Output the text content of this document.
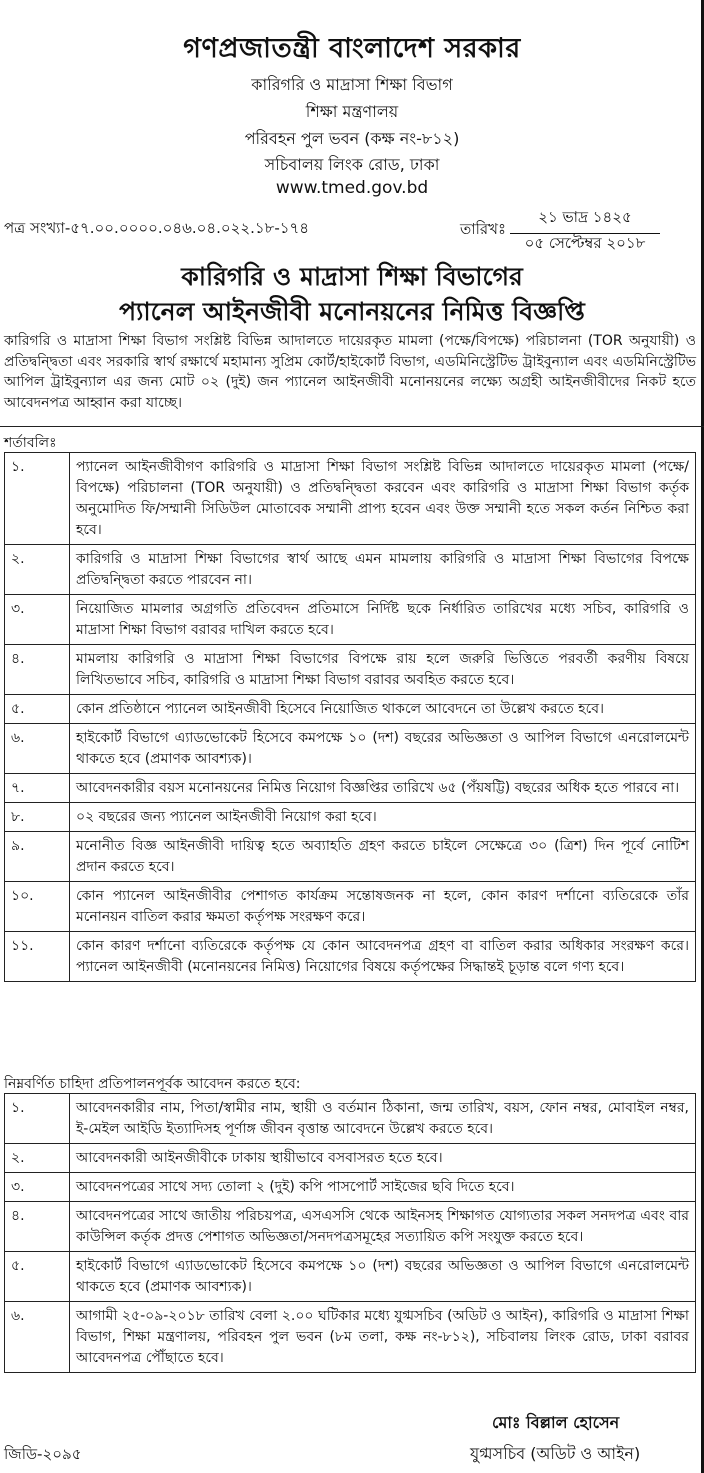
গণপ্রজাতন্ত্রী বাংলাদেশ সরকার
কারিগরি ও মাদ্রাসা শিক্ষা বিভাগ
শিক্ষা মন্ত্রণালয়
পরিবহন পুল ভবন (কক্ষ নং-৮১২)
সচিবালয় লিংক রোড, ঢাকা
www.tmed.gov.bd
পত্র সংখ্যা-৫৭.০০.০০০০.০৪৬.০৪.০২২.১৮-১৭৪	তারিখঃ
২১ ভাদ্র ১৪২৫
০৫ সেপ্টেম্বর ২০১৮
কারিগরি ও মাদ্রাসা শিক্ষা বিভাগের
প্যানেল আইনজীবী মনোনয়নের নিমিত্ত বিজ্ঞপ্তি
কারিগরি ও মাদ্রাসা শিক্ষা বিভাগ সংশ্লিষ্ট বিভিন্ন আদালতে দায়েরকৃত মামলা (পক্ষে/বিপক্ষে) পরিচালনা (TOR অনুযায়ী) ও প্রতিদ্বন্দ্বিতা এবং সরকারি স্বার্থ রক্ষার্থে মহামান্য সুপ্রিম কোর্ট/হাইকোর্ট বিভাগ, এডমিনিস্ট্রেটিভ ট্রাইবুন্যাল এবং এডমিনিস্ট্রেটিভ আপিল ট্রাইবুন্যাল এর জন্য মোট ০২ (দুই) জন প্যানেল আইনজীবী মনোনয়নের লক্ষ্যে অগ্রহী আইনজীবীদের নিকট হতে আবেদনপত্র আহ্বান করা যাচ্ছে।
শর্তাবলিঃ
১.	প্যানেল আইনজীবীগণ কারিগরি ও মাদ্রাসা শিক্ষা বিভাগ সংশ্লিষ্ট বিভিন্ন আদালতে দায়েরকৃত মামলা (পক্ষে/বিপক্ষে) পরিচালনা (TOR অনুযায়ী) ও প্রতিদ্বন্দ্বিতা করবেন এবং কারিগরি ও মাদ্রাসা শিক্ষা বিভাগ কর্তৃক অনুমোদিত ফি/সম্মানী সিডিউল মোতাবেক সম্মানী প্রাপ্য হবেন এবং উক্ত সম্মানী হতে সকল কর্তন নিশ্চিত করা হবে।
২.	কারিগরি ও মাদ্রাসা শিক্ষা বিভাগের স্বার্থ আছে এমন মামলায় কারিগরি ও মাদ্রাসা শিক্ষা বিভাগের বিপক্ষে প্রতিদ্বন্দ্বিতা করতে পারবেন না।
৩.	নিয়োজিত মামলার অগ্রগতি প্রতিবেদন প্রতিমাসে নির্দিষ্ট ছকে নির্ধারিত তারিখের মধ্যে সচিব, কারিগরি ও মাদ্রাসা শিক্ষা বিভাগ বরাবর দাখিল করতে হবে।
৪.	মামলায় কারিগরি ও মাদ্রাসা শিক্ষা বিভাগের বিপক্ষে রায় হলে জরুরি ভিত্তিতে পরবর্তী করণীয় বিষয়ে লিখিতভাবে সচিব, কারিগরি ও মাদ্রাসা শিক্ষা বিভাগ বরাবর অবহিত করতে হবে।
৫.	কোন প্রতিষ্ঠানে প্যানেল আইনজীবী হিসেবে নিয়োজিত থাকলে আবেদনে তা উল্লেখ করতে হবে।
৬.	হাইকোর্ট বিভাগে এ্যাডভোকেট হিসেবে কমপক্ষে ১০ (দশ) বছরের অভিজ্ঞতা ও আপিল বিভাগে এনরোলমেন্ট থাকতে হবে (প্রমাণক আবশ্যক)।
৭.	আবেদনকারীর বয়স মনোনয়নের নিমিত্ত নিয়োগ বিজ্ঞপ্তির তারিখে ৬৫ (পঁয়ষট্টি) বছরের অধিক হতে পারবে না।
৮.	০২ বছরের জন্য প্যানেল আইনজীবী নিয়োগ করা হবে।
৯.	মনোনীত বিজ্ঞ আইনজীবী দায়িত্ব হতে অব্যাহতি গ্রহণ করতে চাইলে সেক্ষেত্রে ৩০ (ত্রিশ) দিন পূর্বে নোটিশ প্রদান করতে হবে।
১০.	কোন প্যানেল আইনজীবীর পেশাগত কার্যক্রম সন্তোষজনক না হলে, কোন কারণ দর্শানো ব্যতিরেকে তাঁর মনোনয়ন বাতিল করার ক্ষমতা কর্তৃপক্ষ সংরক্ষণ করে।
১১.	কোন কারণ দর্শানো ব্যতিরেকে কর্তৃপক্ষ যে কোন আবেদনপত্র গ্রহণ বা বাতিল করার অধিকার সংরক্ষণ করে। প্যানেল আইনজীবী (মনোনয়নের নিমিত্ত) নিয়োগের বিষয়ে কর্তৃপক্ষের সিদ্ধান্তই চূড়ান্ত বলে গণ্য হবে।
নিম্নবর্ণিত চাহিদা প্রতিপালনপূর্বক আবেদন করতে হবে:
১.	আবেদনকারীর নাম, পিতা/স্বামীর নাম, স্থায়ী ও বর্তমান ঠিকানা, জন্ম তারিখ, বয়স, ফোন নম্বর, মোবাইল নম্বর, ই-মেইল আইডি ইত্যাদিসহ পূর্ণাঙ্গ জীবন বৃত্তান্ত আবেদনে উল্লেখ করতে হবে।
২.	আবেদনকারী আইনজীবীকে ঢাকায় স্থায়ীভাবে বসবাসরত হতে হবে।
৩.	আবেদনপত্রের সাথে সদ্য তোলা ২ (দুই) কপি পাসপোর্ট সাইজের ছবি দিতে হবে।
৪.	আবেদনপত্রের সাথে জাতীয় পরিচয়পত্র, এসএসসি থেকে আইনসহ শিক্ষাগত যোগ্যতার সকল সনদপত্র এবং বার কাউন্সিল কর্তৃক প্রদত্ত পেশাগত অভিজ্ঞতা/সনদপত্রসমূহের সত্যায়িত কপি সংযুক্ত করতে হবে।
৫.	হাইকোর্ট বিভাগে এ্যাডভোকেট হিসেবে কমপক্ষে ১০ (দশ) বছরের অভিজ্ঞতা ও আপিল বিভাগে এনরোলমেন্ট থাকতে হবে (প্রমাণক আবশ্যক)।
৬.	আগামী ২৫-০৯-২০১৮ তারিখ বেলা ২.০০ ঘটিকার মধ্যে যুগ্মসচিব (অডিট ও আইন), কারিগরি ও মাদ্রাসা শিক্ষা বিভাগ, শিক্ষা মন্ত্রণালয়, পরিবহন পুল ভবন (৮ম তলা, কক্ষ নং-৮১২), সচিবালয় লিংক রোড, ঢাকা বরাবর আবেদনপত্র পৌঁছাতে হবে।
মোঃ বিল্লাল হোসেন
যুগ্মসচিব (অডিট ও আইন)
জিডি-২০৯৫
